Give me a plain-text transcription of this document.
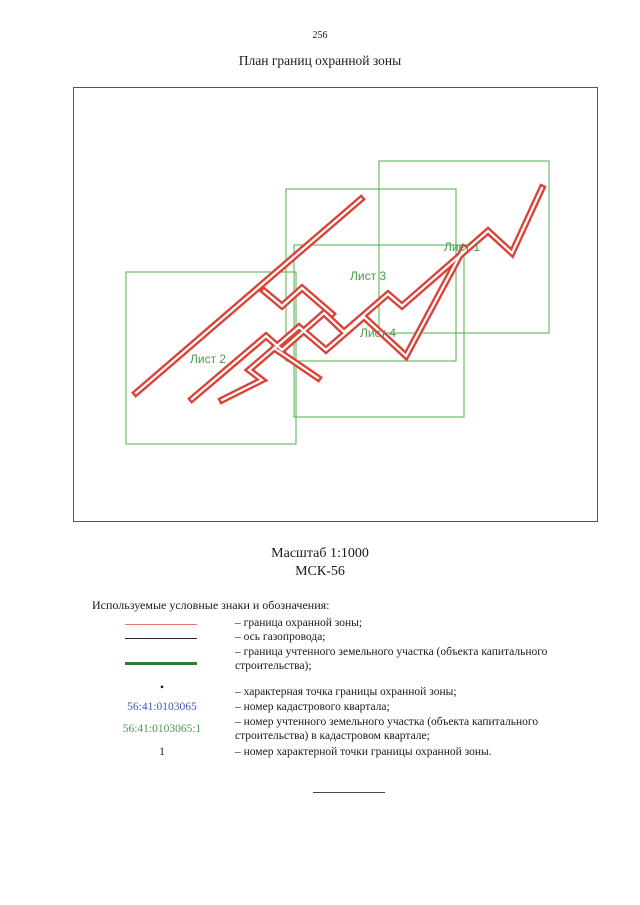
256
План границ охранной зоны
Лист 1
Лист 2
Лист 3
Лист 4
Масштаб 1:1000
МСК-56
Используемые условные знаки и обозначения:
– граница охранной зоны;
– ось газопровода;
– граница учтенного земельного участка (объекта капитального строительства);
•	– характерная точка границы охранной зоны;
56:41:0103065	– номер кадастрового квартала;
56:41:0103065:1
– номер учтенного земельного участка (объекта капитального строительства) в кадастровом квартале;
1	– номер характерной точки границы охранной зоны.
